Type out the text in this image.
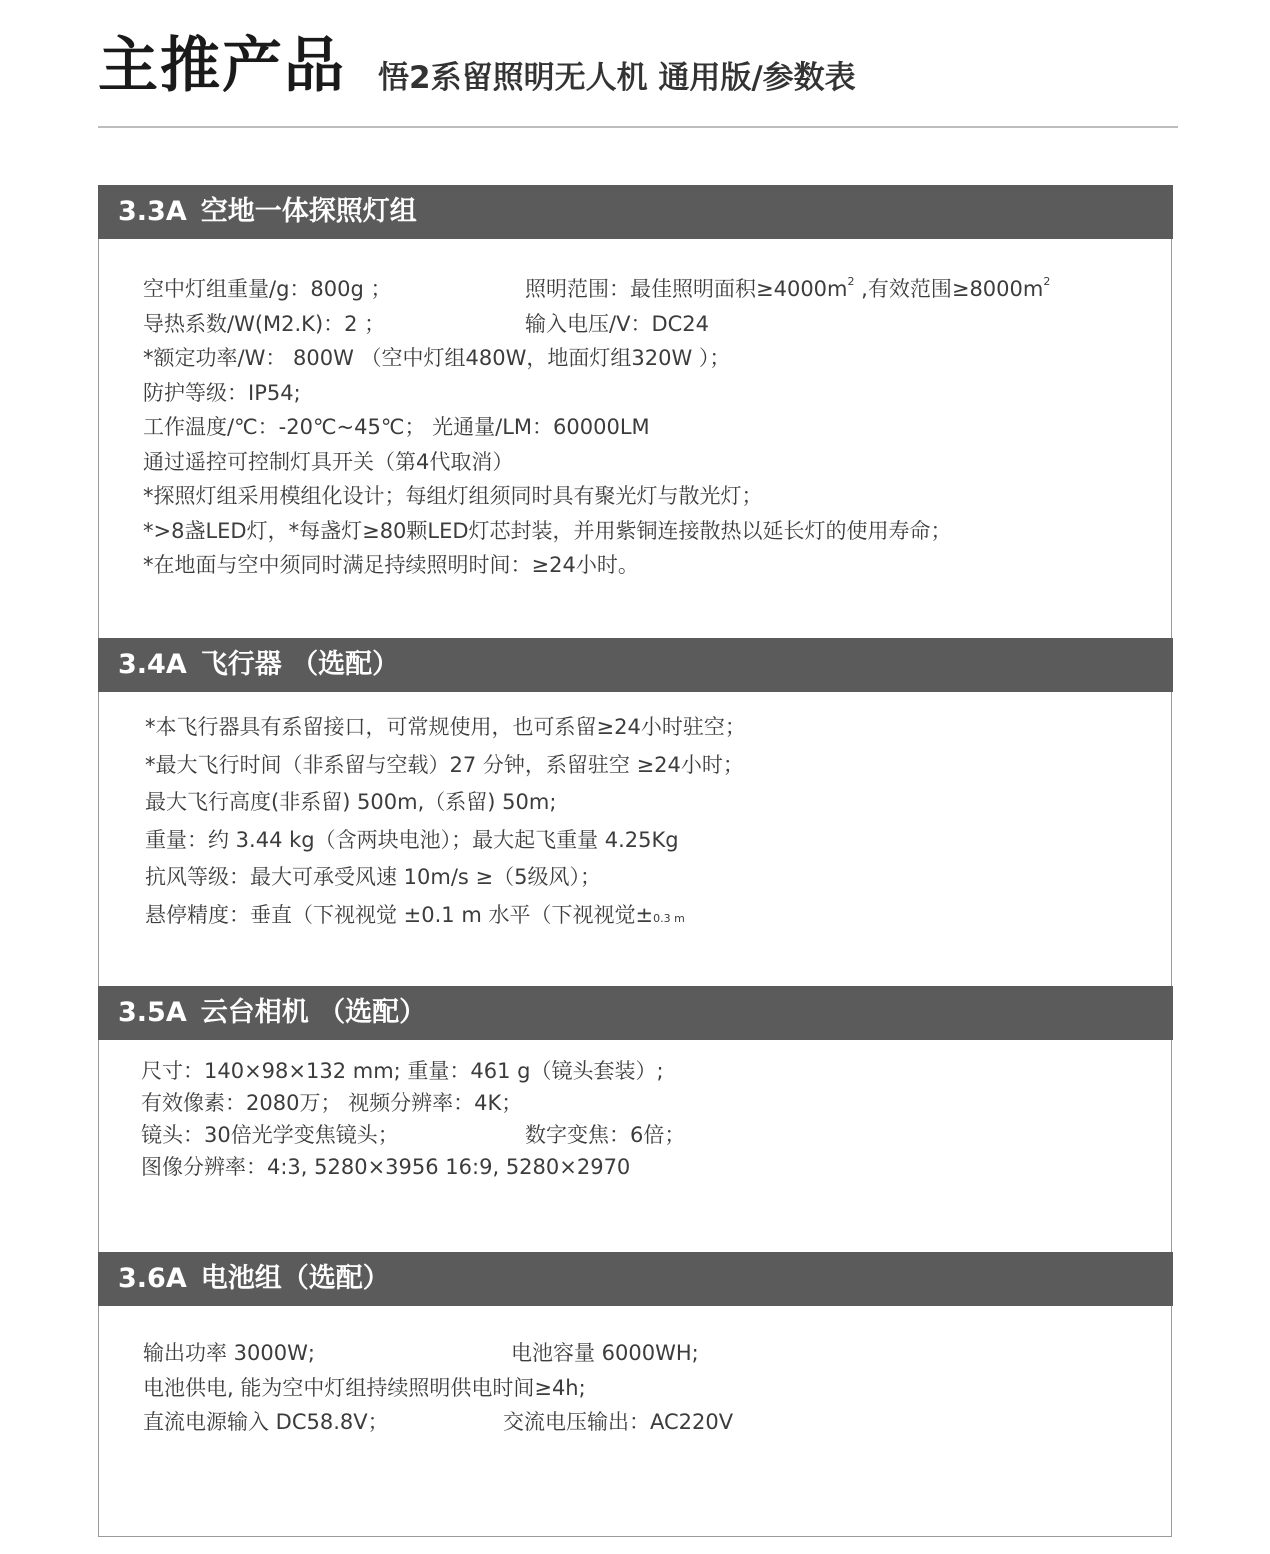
主推产品 悟2系留照明无人机 通用版/参数表
3.3A 空地一体探照灯组
空中灯组重量/g：800g ；	照明范围：最佳照明面积$\ge 4000m^2$ ,有效范围$\ge 8000m^2$
导热系数/W(M2.K)：2 ；	输入电压/V：DC24
*额定功率/W： 800W （空中灯组480W，地面灯组320W ）；
防护等级：IP54;
工作温度/℃：-20℃~45℃； 光通量/LM：60000LM
通过遥控可控制灯具开关（第4代取消）
*探照灯组采用模组化设计；每组灯组须同时具有聚光灯与散光灯；
*>8盏LED灯，*每盏灯≥80颗LED灯芯封装，并用紫铜连接散热以延长灯的使用寿命；
*在地面与空中须同时满足持续照明时间：≥24小时。
3.4A 飞行器 （选配）
*本飞行器具有系留接口，可常规使用，也可系留≥24小时驻空；
*最大飞行时间（非系留与空载）27 分钟，系留驻空 ≥24小时；
最大飞行高度(非系留) 500m,（系留) 50m;
重量：约 3.44 kg（含两块电池）；最大起飞重量 4.25Kg
抗风等级：最大可承受风速 10m/s ≥（5级风）；
悬停精度：垂直（下视视觉 ±0.1 m 水平（下视视觉±0.3 m
3.5A 云台相机 （选配）
尺寸：140×98×132 mm; 重量：461 g（镜头套装）;
有效像素：2080万； 视频分辨率：4K；
镜头：30倍光学变焦镜头；	数字变焦：6倍；
图像分辨率：4:3, 5280×3956 16:9, 5280×2970
3.6A 电池组（选配）
输出功率 3000W;	电池容量 6000WH;
电池供电, 能为空中灯组持续照明供电时间≥4h;
直流电源输入 DC58.8V；	交流电压输出：AC220V
